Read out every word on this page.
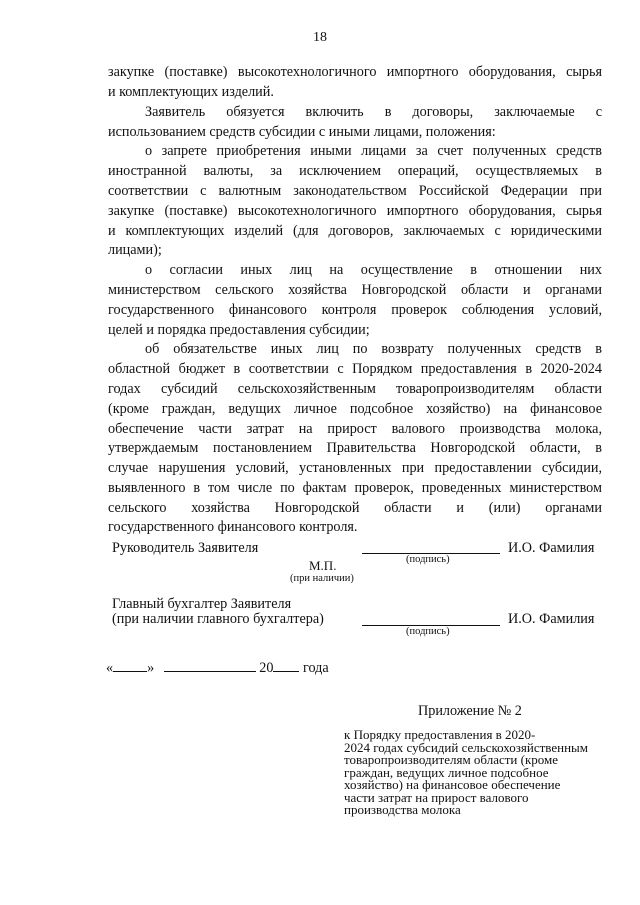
18
закупке (поставке) высокотехнологичного импортного оборудования, сырья
и комплектующих изделий.
Заявитель обязуется включить в договоры, заключаемые с
использованием средств субсидии с иными лицами, положения:
о запрете приобретения иными лицами за счет полученных средств
иностранной валюты, за исключением операций, осуществляемых в
соответствии с валютным законодательством Российской Федерации при
закупке (поставке) высокотехнологичного импортного оборудования, сырья
и комплектующих изделий (для договоров, заключаемых с юридическими
лицами);
о согласии иных лиц на осуществление в отношении них
министерством сельского хозяйства Новгородской области и органами
государственного финансового контроля проверок соблюдения условий,
целей и порядка предоставления субсидии;
об обязательстве иных лиц по возврату полученных средств в
областной бюджет в соответствии с Порядком предоставления в 2020-2024
годах субсидий сельскохозяйственным товаропроизводителям области
(кроме граждан, ведущих личное подсобное хозяйство) на финансовое
обеспечение части затрат на прирост валового производства молока,
утверждаемым постановлением Правительства Новгородской области, в
случае нарушения условий, установленных при предоставлении субсидии,
выявленного в том числе по фактам проверок, проведенных министерством
сельского хозяйства Новгородской области и (или) органами
государственного финансового контроля.
Руководитель Заявителя	И.О. Фамилия
(подпись)
М.П.
(при наличии)
Главный бухгалтер Заявителя
(при наличии главного бухгалтера)	И.О. Фамилия
(подпись)
« »	20 года
Приложение № 2
к Порядку предоставления в 2020-
2024 годах субсидий сельскохозяйственным
товаропроизводителям области (кроме
граждан, ведущих личное подсобное
хозяйство) на финансовое обеспечение
части затрат на прирост валового
производства молока
